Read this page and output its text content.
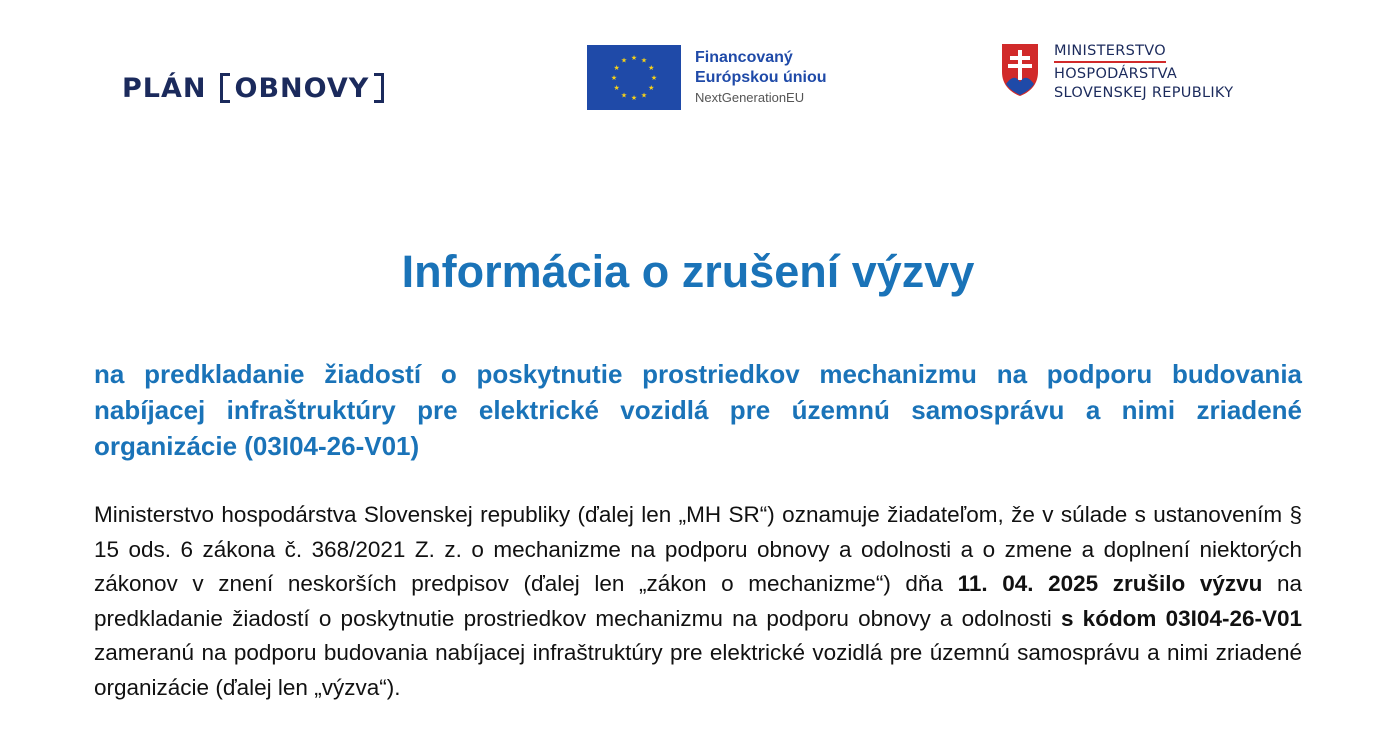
PLÁN OBNOVY
★ ★
★
★
★
★
★
★
★
★
★
★	Financovaný
Európskou úniou
NextGenerationEU
MINISTERSTVO
HOSPODÁRSTVA
SLOVENSKEJ REPUBLIKY
Informácia o zrušení výzvy

na predkladanie žiadostí o poskytnutie prostriedkov mechanizmu na podporu budovania nabíjacej infraštruktúry pre elektrické vozidlá pre územnú samosprávu a nimi zriadené organizácie (03I04-26-V01)

Ministerstvo hospodárstva Slovenskej republiky (ďalej len „MH SR“) oznamuje žiadateľom, že v súlade s ustanovením § 15 ods. 6 zákona č. 368/2021 Z. z. o mechanizme na podporu obnovy a odolnosti a o zmene a doplnení niektorých zákonov v znení neskorších predpisov (ďalej len „zákon o mechanizme“) dňa 11. 04. 2025 zrušilo výzvu na predkladanie žiadostí o poskytnutie prostriedkov mechanizmu na podporu obnovy a odolnosti s kódom 03I04-26-V01 zameranú na podporu budovania nabíjacej infraštruktúry pre elektrické vozidlá pre územnú samosprávu a nimi zriadené organizácie (ďalej len „výzva“).
